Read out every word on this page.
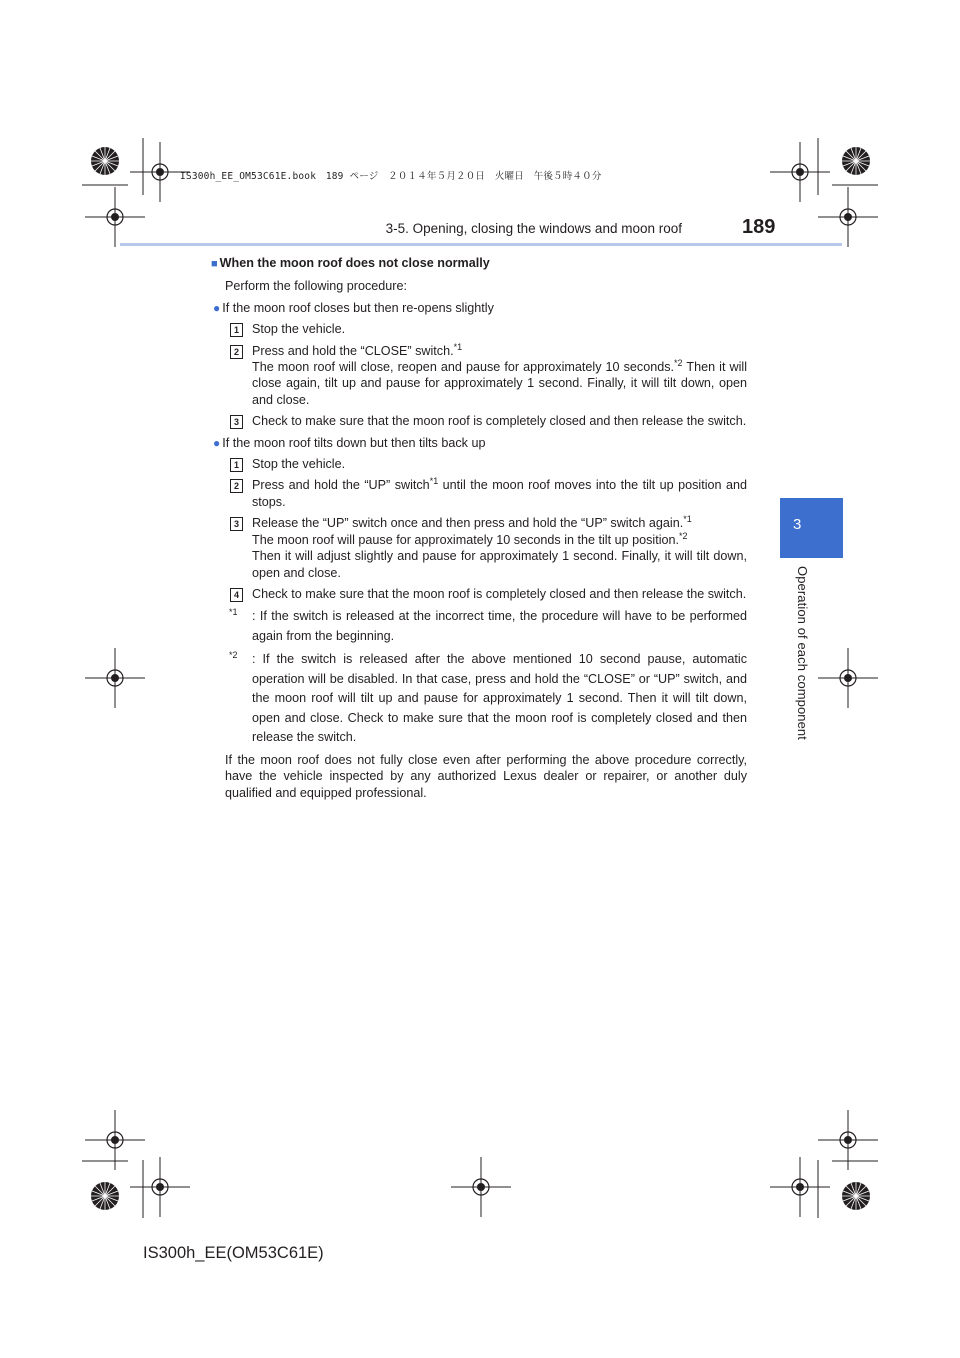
IS300h_EE_OM53C61E.book　189 ページ　２０１４年５月２０日　火曜日　午後５時４０分
3-5. Opening, closing the windows and moon roof	189
3
Operation of each component
■ When the moon roof does not close normally

Perform the following procedure:

● If the moon roof closes but then re-opens slightly
1	Stop the vehicle.
2	Press and hold the “CLOSE” switch.$^{*1}$
The moon roof will close, reopen and pause for approximately 10 seconds.$^{*2}$ Then it will close again, tilt up and pause for approximately 1 second. Finally, it will tilt down, open and close.
3	Check to make sure that the moon roof is completely closed and then release the switch.
● If the moon roof tilts down but then tilts back up
1	Stop the vehicle.
2	Press and hold the “UP” switch$^{*1}$ until the moon roof moves into the tilt up position and stops.
3	Release the “UP” switch once and then press and hold the “UP” switch again.$^{*1}$
The moon roof will pause for approximately 10 seconds in the tilt up position.$^{*2}$
Then it will adjust slightly and pause for approximately 1 second. Finally, it will tilt down, open and close.
4	Check to make sure that the moon roof is completely closed and then release the switch.
$^{*1}$ : If the switch is released at the incorrect time, the procedure will have to be performed again from the beginning.
$^{*2}$ : If the switch is released after the above mentioned 10 second pause, automatic operation will be disabled. In that case, press and hold the “CLOSE” or “UP” switch, and the moon roof will tilt up and pause for approximately 1 second. Then it will tilt down, open and close. Check to make sure that the moon roof is completely closed and then release the switch.

If the moon roof does not fully close even after performing the above procedure correctly, have the vehicle inspected by any authorized Lexus dealer or repairer, or another duly qualified and equipped professional.

IS300h_EE(OM53C61E)
